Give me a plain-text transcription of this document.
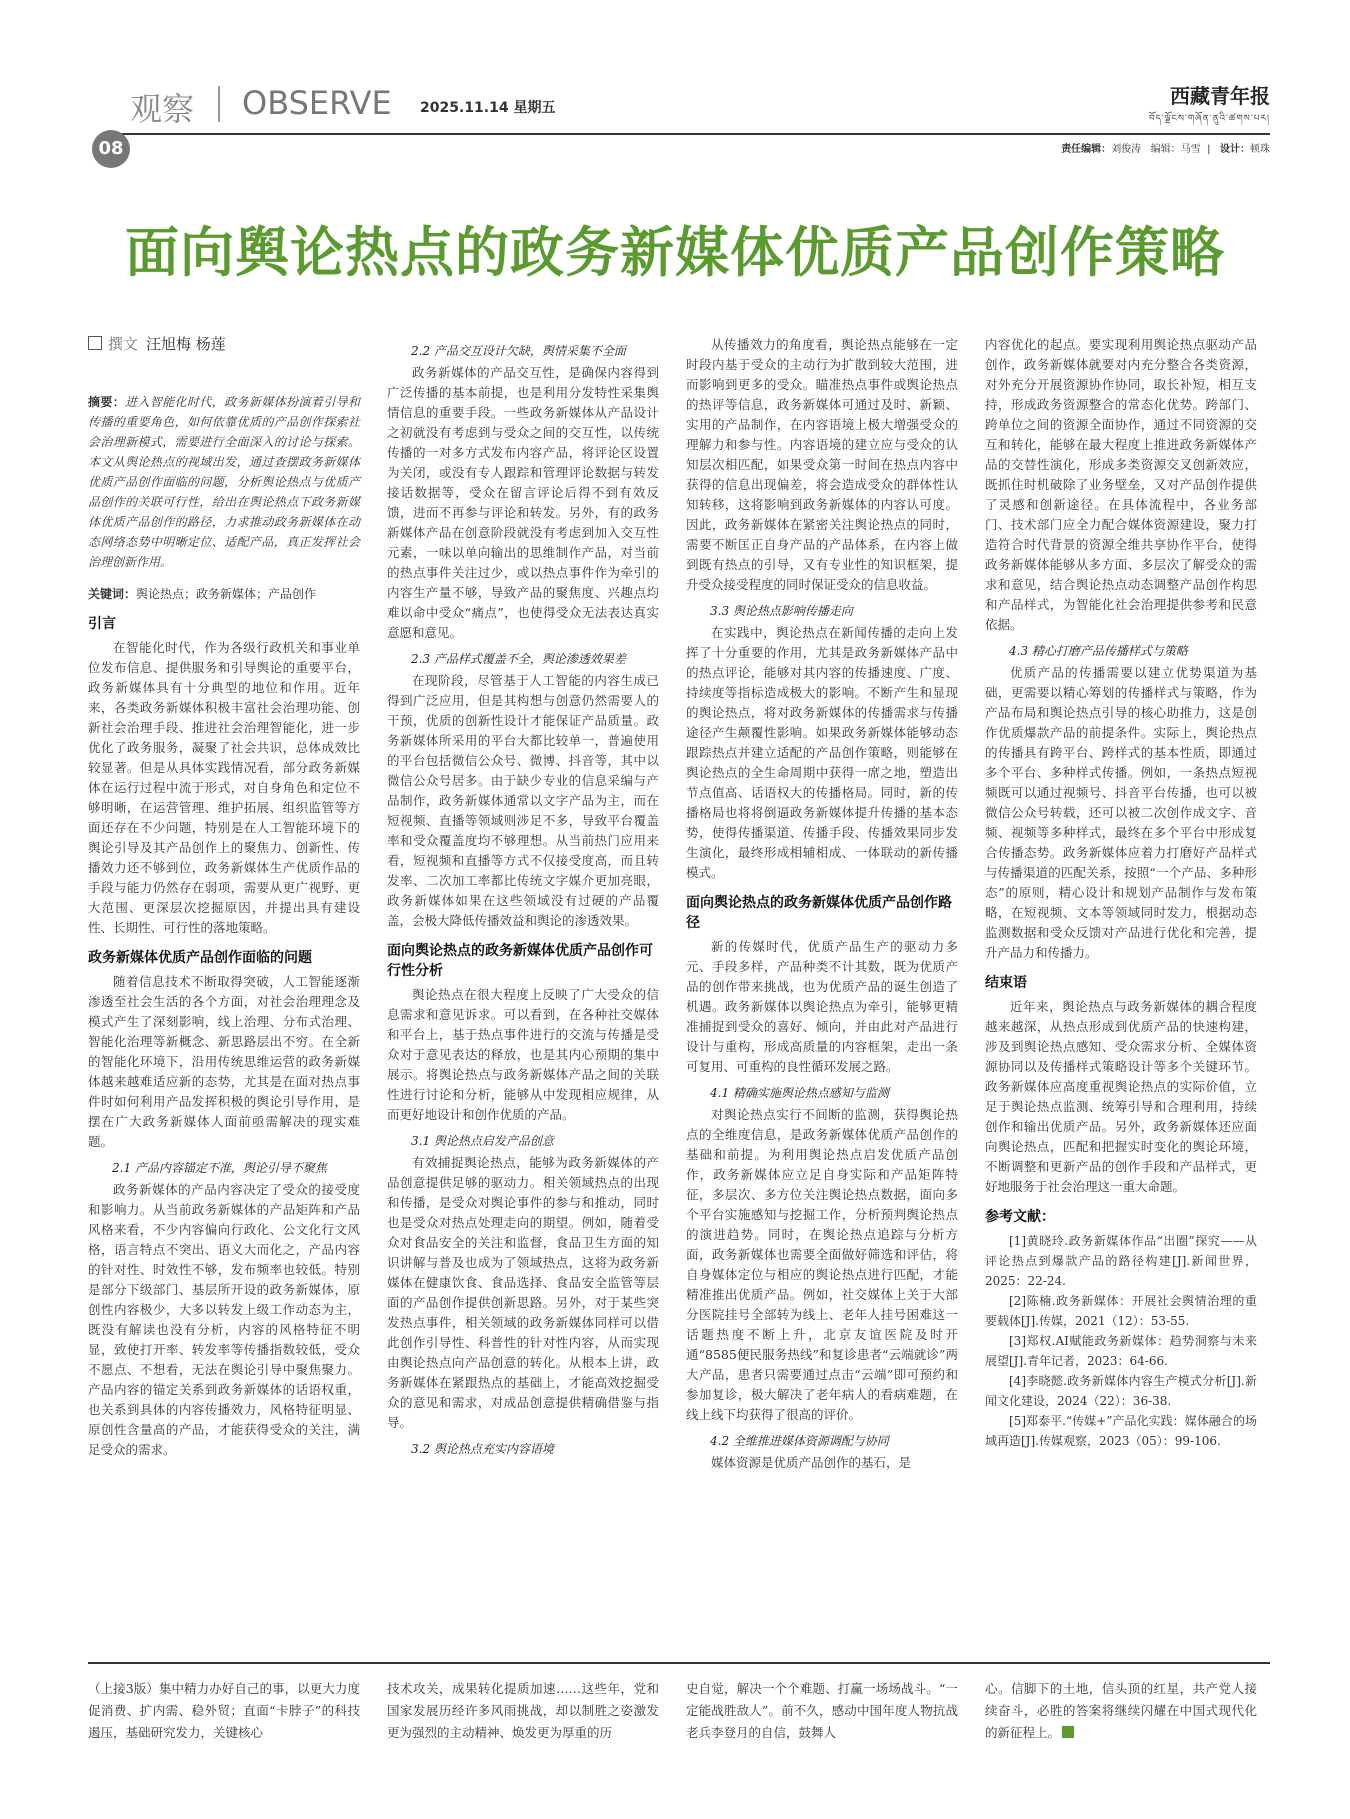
观察 OBSERVE 2025.11.14 星期五	西藏青年报
བོད་ལྗོངས་གཞོན་ནུའི་ཚགས་པར།
08	责任编辑：刘俊涛 编辑：马雪  |   设计：顿珠
面向舆论热点的政务新媒体优质产品创作策略
撰文 汪旭梅 杨莲

摘要：进入智能化时代，政务新媒体扮演着引导和传播的重要角色，如何依靠优质的产品创作探索社会治理新模式，需要进行全面深入的讨论与探索。本文从舆论热点的视域出发，通过查摆政务新媒体优质产品创作面临的问题，分析舆论热点与优质产品创作的关联可行性，给出在舆论热点下政务新媒体优质产品创作的路径，力求推动政务新媒体在动态网络态势中明晰定位、适配产品，真正发挥社会治理创新作用。

关键词：舆论热点；政务新媒体；产品创作

引言

在智能化时代，作为各级行政机关和事业单位发布信息、提供服务和引导舆论的重要平台，政务新媒体具有十分典型的地位和作用。近年来，各类政务新媒体积极丰富社会治理功能、创新社会治理手段、推进社会治理智能化，进一步优化了政务服务，凝聚了社会共识，总体成效比较显著。但是从具体实践情况看，部分政务新媒体在运行过程中流于形式，对自身角色和定位不够明晰，在运营管理、维护拓展、组织监管等方面还存在不少问题，特别是在人工智能环境下的舆论引导及其产品创作上的聚焦力、创新性、传播效力还不够到位，政务新媒体生产优质作品的手段与能力仍然存在弱项，需要从更广视野、更大范围、更深层次挖掘原因，并提出具有建设性、长期性、可行性的落地策略。

政务新媒体优质产品创作面临的问题

随着信息技术不断取得突破，人工智能逐渐渗透至社会生活的各个方面，对社会治理理念及模式产生了深刻影响，线上治理、分布式治理、智能化治理等新概念、新思路层出不穷。在全新的智能化环境下，沿用传统思维运营的政务新媒体越来越难适应新的态势，尤其是在面对热点事件时如何利用产品发挥积极的舆论引导作用，是摆在广大政务新媒体人面前亟需解决的现实难题。

2.1 产品内容锚定不准，舆论引导不聚焦

政务新媒体的产品内容决定了受众的接受度和影响力。从当前政务新媒体的产品矩阵和产品风格来看，不少内容偏向行政化、公文化行文风格，语言特点不突出、语义大而化之，产品内容的针对性、时效性不够，发布频率也较低。特别是部分下级部门、基层所开设的政务新媒体，原创性内容极少，大多以转发上级工作动态为主，既没有解读也没有分析，内容的风格特征不明显，致使打开率、转发率等传播指数较低，受众不愿点、不想看，无法在舆论引导中聚焦聚力。产品内容的锚定关系到政务新媒体的话语权重，也关系到具体的内容传播效力，风格特征明显、原创性含量高的产品，才能获得受众的关注，满足受众的需求。

2.2 产品交互设计欠缺，舆情采集不全面

政务新媒体的产品交互性，是确保内容得到广泛传播的基本前提，也是利用分发特性采集舆情信息的重要手段。一些政务新媒体从产品设计之初就没有考虑到与受众之间的交互性，以传统传播的一对多方式发布内容产品，将评论区设置为关闭，或没有专人跟踪和管理评论数据与转发接话数据等，受众在留言评论后得不到有效反馈，进而不再参与评论和转发。另外，有的政务新媒体产品在创意阶段就没有考虑到加入交互性元素，一味以单向输出的思维制作产品，对当前的热点事件关注过少，或以热点事件作为牵引的内容生产量不够，导致产品的聚焦度、兴趣点均难以命中受众“痛点”，也使得受众无法表达真实意愿和意见。

2.3 产品样式覆盖不全，舆论渗透效果差

在现阶段，尽管基于人工智能的内容生成已得到广泛应用，但是其构想与创意仍然需要人的干预，优质的创新性设计才能保证产品质量。政务新媒体所采用的平台大都比较单一，普遍使用的平台包括微信公众号、微博、抖音等，其中以微信公众号居多。由于缺少专业的信息采编与产品制作，政务新媒体通常以文字产品为主，而在短视频、直播等领域则涉足不多，导致平台覆盖率和受众覆盖度均不够理想。从当前热门应用来看，短视频和直播等方式不仅接受度高，而且转发率、二次加工率都比传统文字媒介更加亮眼，政务新媒体如果在这些领域没有过硬的产品覆盖，会极大降低传播效益和舆论的渗透效果。

面向舆论热点的政务新媒体优质产品创作可行性分析

舆论热点在很大程度上反映了广大受众的信息需求和意见诉求。可以看到，在各种社交媒体和平台上，基于热点事件进行的交流与传播是受众对于意见表达的释放，也是其内心预期的集中展示。将舆论热点与政务新媒体产品之间的关联性进行讨论和分析，能够从中发现相应规律，从而更好地设计和创作优质的产品。

3.1 舆论热点启发产品创意

有效捕捉舆论热点，能够为政务新媒体的产品创意提供足够的驱动力。相关领域热点的出现和传播，是受众对舆论事件的参与和推动，同时也是受众对热点处理走向的期望。例如，随着受众对食品安全的关注和监督，食品卫生方面的知识讲解与普及也成为了领域热点，这将为政务新媒体在健康饮食、食品选择、食品安全监管等层面的产品创作提供创新思路。另外，对于某些突发热点事件，相关领域的政务新媒体同样可以借此创作引导性、科普性的针对性内容，从而实现由舆论热点向产品创意的转化。从根本上讲，政务新媒体在紧跟热点的基础上，才能高效挖掘受众的意见和需求，对成品创意提供精确借鉴与指导。

3.2 舆论热点充实内容语境

从传播效力的角度看，舆论热点能够在一定时段内基于受众的主动行为扩散到较大范围，进而影响到更多的受众。瞄准热点事件或舆论热点的热评等信息，政务新媒体可通过及时、新颖、实用的产品制作，在内容语境上极大增强受众的理解力和参与性。内容语境的建立应与受众的认知层次相匹配，如果受众第一时间在热点内容中获得的信息出现偏差，将会造成受众的群体性认知转移，这将影响到政务新媒体的内容认可度。因此，政务新媒体在紧密关注舆论热点的同时，需要不断匡正自身产品的产品体系，在内容上做到既有热点的引导，又有专业性的知识框架，提升受众接受程度的同时保证受众的信息收益。

3.3 舆论热点影响传播走向

在实践中，舆论热点在新闻传播的走向上发挥了十分重要的作用，尤其是政务新媒体产品中的热点评论，能够对其内容的传播速度、广度、持续度等指标造成极大的影响。不断产生和显现的舆论热点，将对政务新媒体的传播需求与传播途径产生颠覆性影响。如果政务新媒体能够动态跟踪热点并建立适配的产品创作策略，则能够在舆论热点的全生命周期中获得一席之地，塑造出节点值高、话语权大的传播格局。同时，新的传播格局也将将倒逼政务新媒体提升传播的基本态势，使得传播渠道、传播手段、传播效果同步发生演化，最终形成相辅相成、一体联动的新传播模式。

面向舆论热点的政务新媒体优质产品创作路径

新的传媒时代，优质产品生产的驱动力多元、手段多样，产品种类不计其数，既为优质产品的创作带来挑战，也为优质产品的诞生创造了机遇。政务新媒体以舆论热点为牵引，能够更精准捕捉到受众的喜好、倾向，并由此对产品进行设计与重构，形成高质量的内容框架，走出一条可复用、可重构的良性循环发展之路。

4.1 精确实施舆论热点感知与监测

对舆论热点实行不间断的监测，获得舆论热点的全维度信息，是政务新媒体优质产品创作的基础和前提。为利用舆论热点启发优质产品创作，政务新媒体应立足自身实际和产品矩阵特征，多层次、多方位关注舆论热点数据，面向多个平台实施感知与挖掘工作，分析预判舆论热点的演进趋势。同时，在舆论热点追踪与分析方面，政务新媒体也需要全面做好筛选和评估，将自身媒体定位与相应的舆论热点进行匹配，才能精准推出优质产品。例如，社交媒体上关于大部分医院挂号全部转为线上、老年人挂号困难这一话题热度不断上升，北京友谊医院及时开通“8585便民服务热线”和复诊患者“云端就诊”两大产品，患者只需要通过点击“云端”即可预约和参加复诊，极大解决了老年病人的看病难题，在线上线下均获得了很高的评价。

4.2 全维推进媒体资源调配与协同

媒体资源是优质产品创作的基石，是

内容优化的起点。要实现利用舆论热点驱动产品创作，政务新媒体就要对内充分整合各类资源，对外充分开展资源协作协同，取长补短，相互支持，形成政务资源整合的常态化优势。跨部门、跨单位之间的资源全面协作，通过不同资源的交互和转化，能够在最大程度上推进政务新媒体产品的交替性演化，形成多类资源交叉创新效应，既抓住时机破除了业务壁垒，又对产品创作提供了灵感和创新途径。在具体流程中，各业务部门、技术部门应全力配合媒体资源建设，聚力打造符合时代背景的资源全维共享协作平台，使得政务新媒体能够从多方面、多层次了解受众的需求和意见，结合舆论热点动态调整产品创作构思和产品样式，为智能化社会治理提供参考和民意依据。

4.3 精心打磨产品传播样式与策略

优质产品的传播需要以建立优势渠道为基础，更需要以精心筹划的传播样式与策略，作为产品布局和舆论热点引导的核心助推力，这是创作优质爆款产品的前提条件。实际上，舆论热点的传播具有跨平台、跨样式的基本性质，即通过多个平台、多种样式传播。例如，一条热点短视频既可以通过视频号、抖音平台传播，也可以被微信公众号转载，还可以被二次创作成文字、音频、视频等多种样式，最终在多个平台中形成复合传播态势。政务新媒体应着力打磨好产品样式与传播渠道的匹配关系，按照“一个产品、多种形态”的原则，精心设计和规划产品制作与发布策略，在短视频、文本等领域同时发力，根据动态监测数据和受众反馈对产品进行优化和完善，提升产品力和传播力。

结束语

近年来，舆论热点与政务新媒体的耦合程度越来越深，从热点形成到优质产品的快速构建，涉及到舆论热点感知、受众需求分析、全媒体资源协同以及传播样式策略设计等多个关键环节。政务新媒体应高度重视舆论热点的实际价值，立足于舆论热点监测、统筹引导和合理利用，持续创作和输出优质产品。另外，政务新媒体还应面向舆论热点，匹配和把握实时变化的舆论环境，不断调整和更新产品的创作手段和产品样式，更好地服务于社会治理这一重大命题。

参考文献：

[1]黄晓玲.政务新媒体作品“出圈”探究——从评论热点到爆款产品的路径构建[J].新闻世界，2025：22-24.

[2]陈楠.政务新媒体：开展社会舆情治理的重要载体[J].传媒，2021（12）：53-55.

[3]郑权.AI赋能政务新媒体：趋势洞察与未来展望[J].青年记者，2023：64-66.

[4]李晓懿.政务新媒体内容生产模式分析[J].新闻文化建设，2024（22）：36-38.

[5]郑泰平.“传媒+”产品化实践：媒体融合的场域再造[J].传媒观察，2023（05）：99-106.

（上接3版）集中精力办好自己的事，以更大力度促消费、扩内需、稳外贸；直面“卡脖子”的科技遏压，基础研究发力，关键核心
技术攻关，成果转化提质加速……这些年，党和国家发展历经许多风雨挑战，却以制胜之姿激发更为强烈的主动精神、焕发更为厚重的历
史自觉，解决一个个难题、打赢一场场战斗。“一定能战胜敌人”。前不久，感动中国年度人物抗战老兵李登月的自信，鼓舞人
心。信脚下的土地，信头顶的红星，共产党人接续奋斗，必胜的答案将继续闪耀在中国式现代化的新征程上。
